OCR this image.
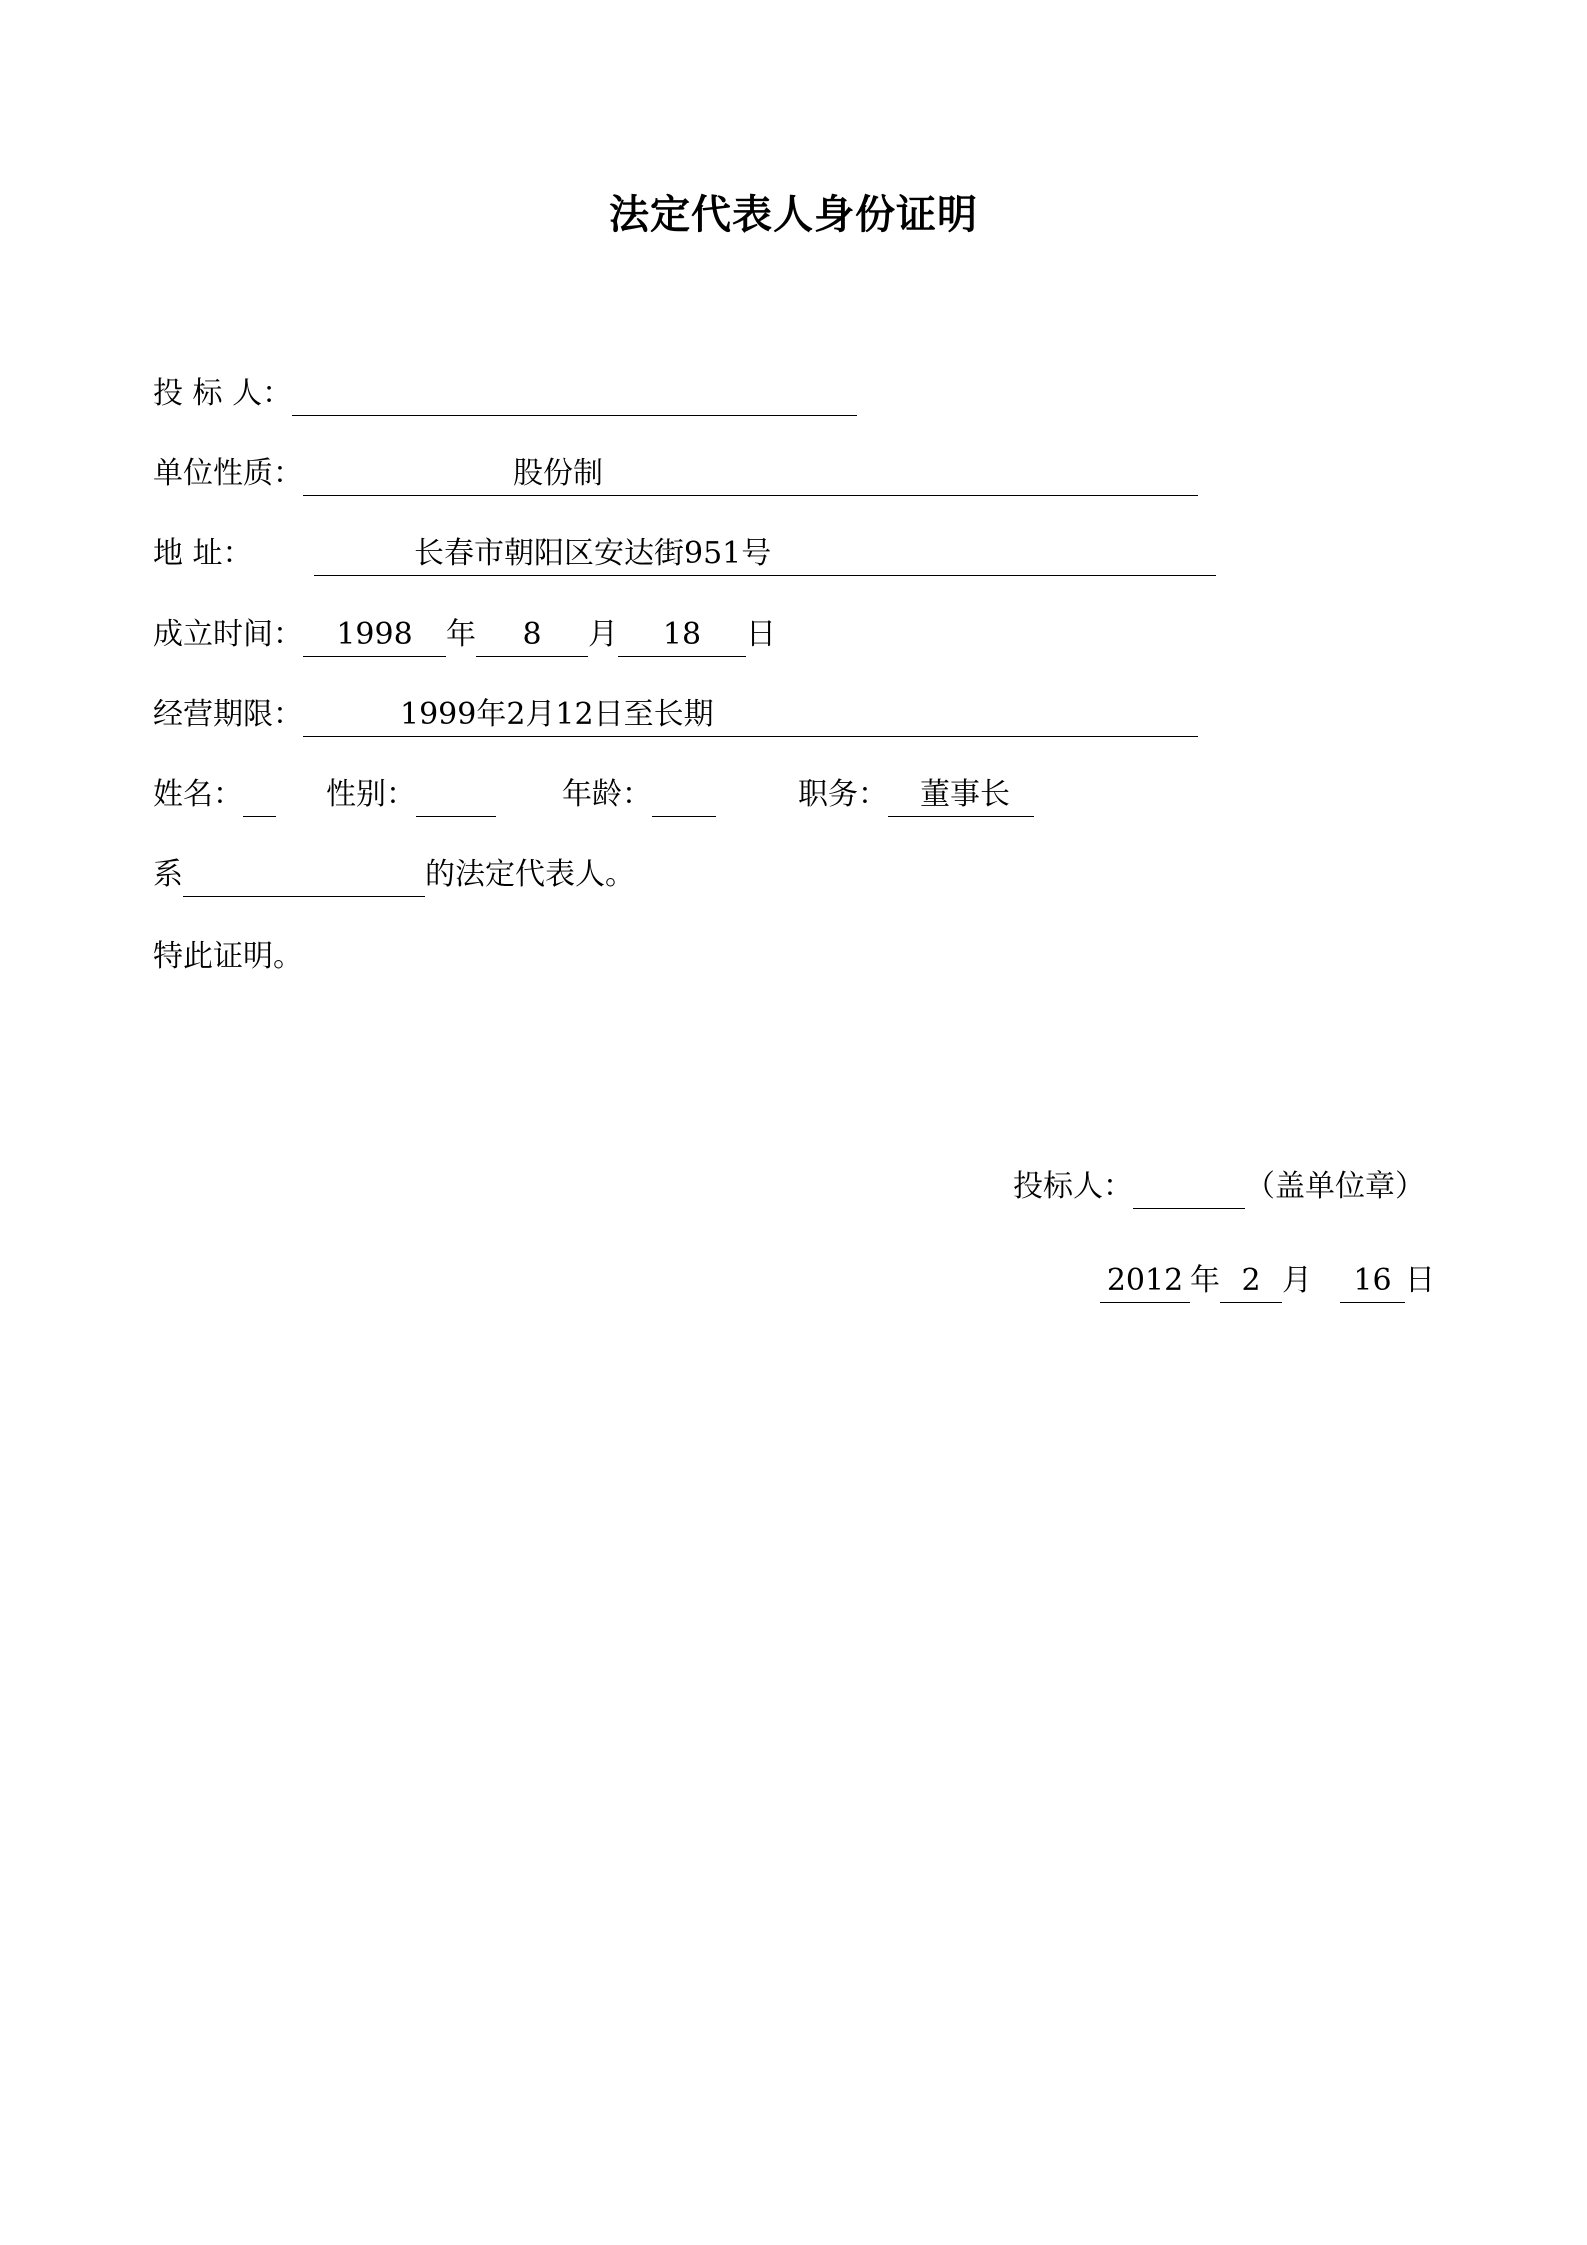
法定代表人身份证明
投 标 人：
单位性质：	股份制
地 址：	长春市朝阳区安达街951号
成立时间： 1998 年 8 月 18 日
经营期限：	1999年2月12日至长期
姓名：	性别：	年龄：	职务： 董事长
系	的法定代表人。
特此证明。
投标人：	（盖单位章）
2012 年 2 月 16 日
